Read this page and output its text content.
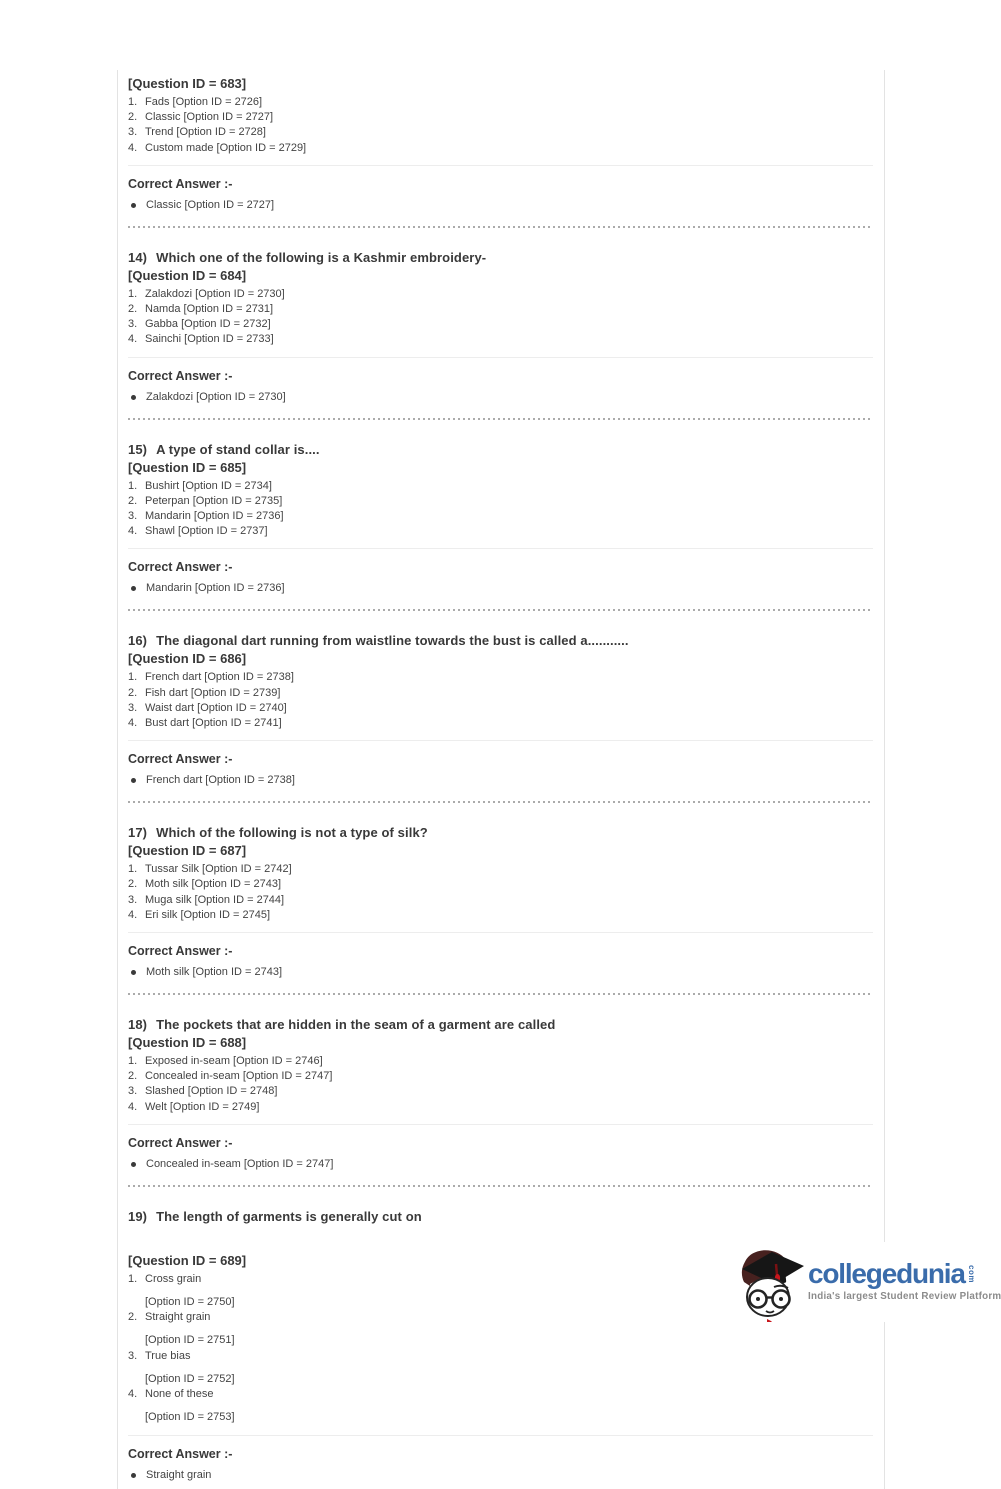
[Question ID = 683]
1. Fads [Option ID = 2726]
2. Classic [Option ID = 2727]
3. Trend [Option ID = 2728]
4. Custom made [Option ID = 2729]
Correct Answer :-
Classic [Option ID = 2727]
14) Which one of the following is a Kashmir embroidery-
[Question ID = 684]
1. Zalakdozi [Option ID = 2730]
2. Namda [Option ID = 2731]
3. Gabba [Option ID = 2732]
4. Sainchi [Option ID = 2733]
Correct Answer :-
Zalakdozi [Option ID = 2730]
15) A type of stand collar is....
[Question ID = 685]
1. Bushirt [Option ID = 2734]
2. Peterpan [Option ID = 2735]
3. Mandarin [Option ID = 2736]
4. Shawl [Option ID = 2737]
Correct Answer :-
Mandarin [Option ID = 2736]
16) The diagonal dart running from waistline towards the bust is called a...........
[Question ID = 686]
1. French dart [Option ID = 2738]
2. Fish dart [Option ID = 2739]
3. Waist dart [Option ID = 2740]
4. Bust dart [Option ID = 2741]
Correct Answer :-
French dart [Option ID = 2738]
17) Which of the following is not a type of silk?
[Question ID = 687]
1. Tussar Silk [Option ID = 2742]
2. Moth silk [Option ID = 2743]
3. Muga silk [Option ID = 2744]
4. Eri silk [Option ID = 2745]
Correct Answer :-
Moth silk [Option ID = 2743]
18) The pockets that are hidden in the seam of a garment are called
[Question ID = 688]
1. Exposed in-seam [Option ID = 2746]
2. Concealed in-seam [Option ID = 2747]
3. Slashed [Option ID = 2748]
4. Welt [Option ID = 2749]
Correct Answer :-
Concealed in-seam [Option ID = 2747]
19) The length of garments is generally cut on
[Question ID = 689]
1. Cross grain
[Option ID = 2750]
2. Straight grain
[Option ID = 2751]
3. True bias
[Option ID = 2752]
4. None of these
[Option ID = 2753]
Correct Answer :-
Straight grain
collegedunia com
India's largest Student Review Platform
